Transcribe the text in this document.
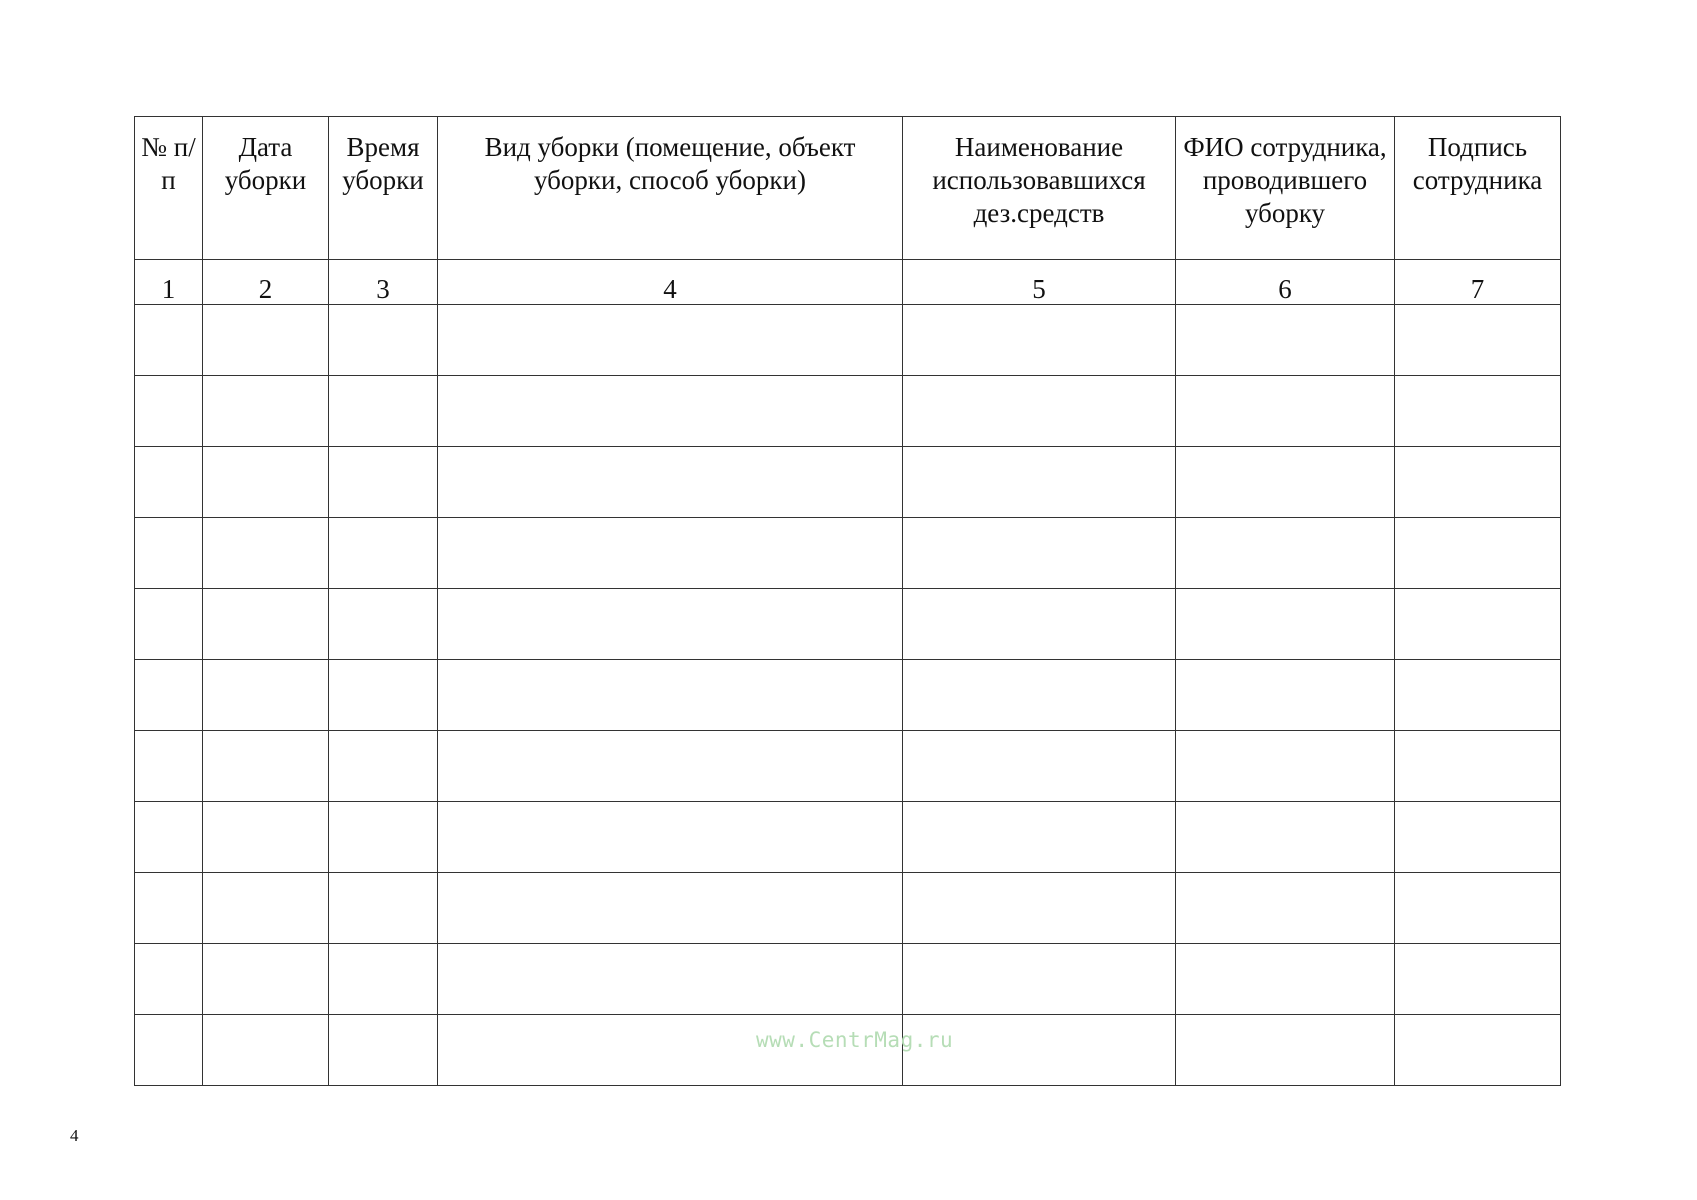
№ п/п	Дата уборки	Время уборки	Вид уборки (помещение, объект уборки, способ уборки)	Наименование использовавшихся дез.средств	ФИО сотрудника, проводившего уборку	Подпись сотрудника

1	2	3	4	5	6	7

www.CentrMag.ru
4
